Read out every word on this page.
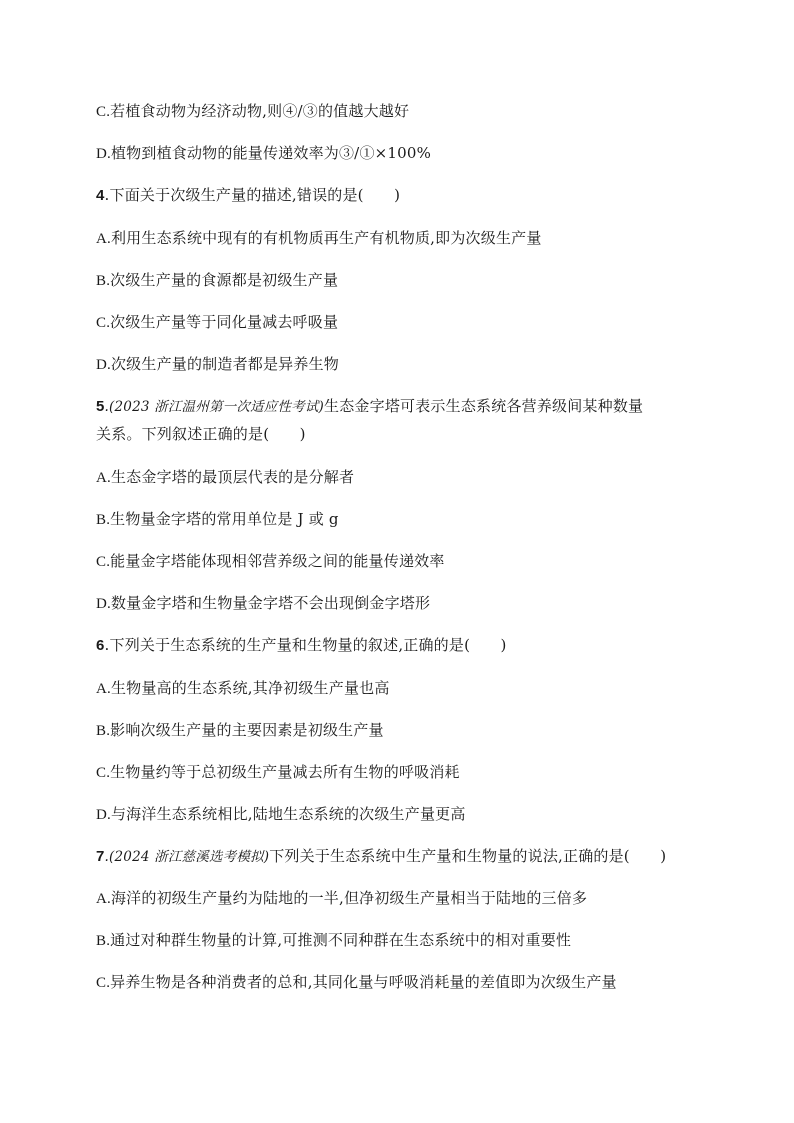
C.若植食动物为经济动物,则④/③的值越大越好
D.植物到植食动物的能量传递效率为③/①×100%
4.下面关于次级生产量的描述,错误的是(　　)
A.利用生态系统中现有的有机物质再生产有机物质,即为次级生产量
B.次级生产量的食源都是初级生产量
C.次级生产量等于同化量减去呼吸量
D.次级生产量的制造者都是异养生物
5.(2023 浙江温州第一次适应性考试)生态金字塔可表示生态系统各营养级间某种数量
关系。下列叙述正确的是(　　)
A.生态金字塔的最顶层代表的是分解者
B.生物量金字塔的常用单位是 J 或 g
C.能量金字塔能体现相邻营养级之间的能量传递效率
D.数量金字塔和生物量金字塔不会出现倒金字塔形
6.下列关于生态系统的生产量和生物量的叙述,正确的是(　　)
A.生物量高的生态系统,其净初级生产量也高
B.影响次级生产量的主要因素是初级生产量
C.生物量约等于总初级生产量减去所有生物的呼吸消耗
D.与海洋生态系统相比,陆地生态系统的次级生产量更高
7.(2024 浙江慈溪选考模拟)下列关于生态系统中生产量和生物量的说法,正确的是(　　)
A.海洋的初级生产量约为陆地的一半,但净初级生产量相当于陆地的三倍多
B.通过对种群生物量的计算,可推测不同种群在生态系统中的相对重要性
C.异养生物是各种消费者的总和,其同化量与呼吸消耗量的差值即为次级生产量
